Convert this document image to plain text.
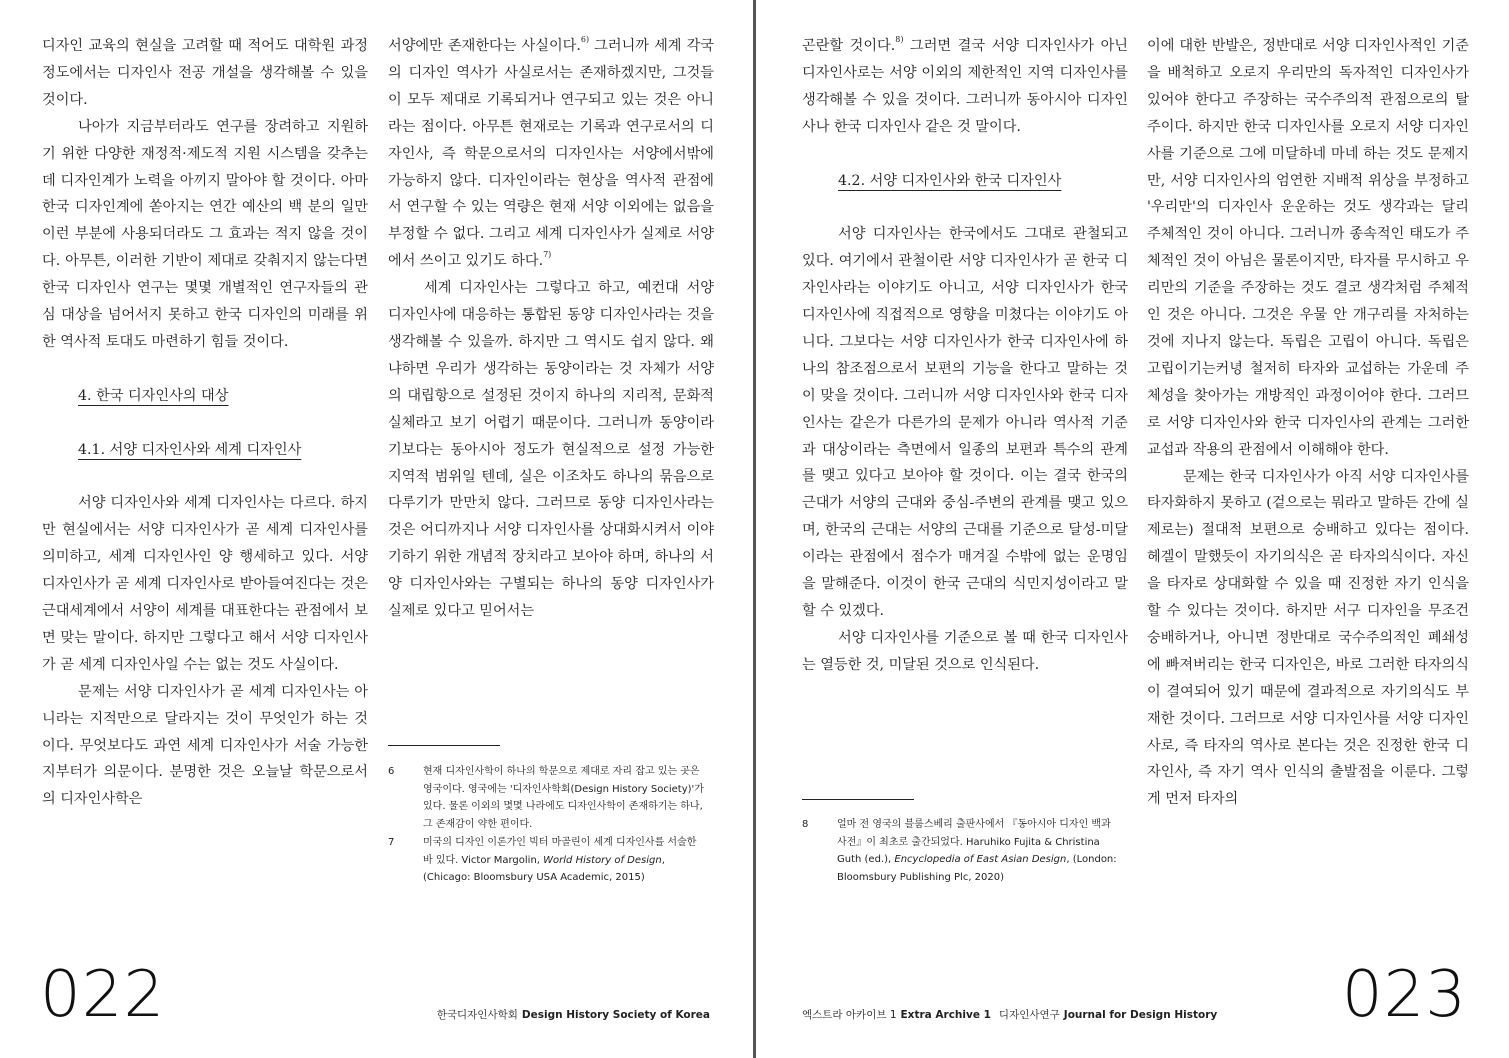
디자인 교육의 현실을 고려할 때 적어도 대학원 과정 정도에서는 디자인사 전공 개설을 생각해볼 수 있을 것이다.

나아가 지금부터라도 연구를 장려하고 지원하기 위한 다양한 재정적·제도적 지원 시스템을 갖추는 데 디자인계가 노력을 아끼지 말아야 할 것이다. 아마 한국 디자인계에 쏟아지는 연간 예산의 백 분의 일만 이런 부분에 사용되더라도 그 효과는 적지 않을 것이다. 아무튼, 이러한 기반이 제대로 갖춰지지 않는다면 한국 디자인사 연구는 몇몇 개별적인 연구자들의 관심 대상을 넘어서지 못하고 한국 디자인의 미래를 위한 역사적 토대도 마련하기 힘들 것이다.

4. 한국 디자인사의 대상
4.1. 서양 디자인사와 세계 디자인사

서양 디자인사와 세계 디자인사는 다르다. 하지만 현실에서는 서양 디자인사가 곧 세계 디자인사를 의미하고, 세계 디자인사인 양 행세하고 있다. 서양 디자인사가 곧 세계 디자인사로 받아들여진다는 것은 근대세계에서 서양이 세계를 대표한다는 관점에서 보면 맞는 말이다. 하지만 그렇다고 해서 서양 디자인사가 곧 세계 디자인사일 수는 없는 것도 사실이다.

문제는 서양 디자인사가 곧 세계 디자인사는 아니라는 지적만으로 달라지는 것이 무엇인가 하는 것이다. 무엇보다도 과연 세계 디자인사가 서술 가능한지부터가 의문이다. 분명한 것은 오늘날 학문으로서의 디자인사학은

서양에만 존재한다는 사실이다.$^{6)}$ 그러니까 세계 각국의 디자인 역사가 사실로서는 존재하겠지만, 그것들이 모두 제대로 기록되거나 연구되고 있는 것은 아니라는 점이다. 아무튼 현재로는 기록과 연구로서의 디자인사, 즉 학문으로서의 디자인사는 서양에서밖에 가능하지 않다. 디자인이라는 현상을 역사적 관점에서 연구할 수 있는 역량은 현재 서양 이외에는 없음을 부정할 수 없다. 그리고 세계 디자인사가 실제로 서양에서 쓰이고 있기도 하다.$^{7)}$

세계 디자인사는 그렇다고 하고, 예컨대 서양 디자인사에 대응하는 통합된 동양 디자인사라는 것을 생각해볼 수 있을까. 하지만 그 역시도 쉽지 않다. 왜냐하면 우리가 생각하는 동양이라는 것 자체가 서양의 대립항으로 설정된 것이지 하나의 지리적, 문화적 실체라고 보기 어렵기 때문이다. 그러니까 동양이라기보다는 동아시아 정도가 현실적으로 설정 가능한 지역적 범위일 텐데, 실은 이조차도 하나의 묶음으로 다루기가 만만치 않다. 그러므로 동양 디자인사라는 것은 어디까지나 서양 디자인사를 상대화시켜서 이야기하기 위한 개념적 장치라고 보아야 하며, 하나의 서양 디자인사와는 구별되는 하나의 동양 디자인사가 실제로 있다고 믿어서는

6	현재 디자인사학이 하나의 학문으로 제대로 자리 잡고 있는 곳은 영국이다. 영국에는 '디자인사학회(Design History Society)'가 있다. 물론 이외의 몇몇 나라에도 디자인사학이 존재하기는 하나, 그 존재감이 약한 편이다.
7	미국의 디자인 이론가인 빅터 마골린이 세계 디자인사를 서술한 바 있다. Victor Margolin, World History of Design, (Chicago: Bloomsbury USA Academic, 2015)
022	한국디자인사학회 Design History Society of Korea

곤란할 것이다.$^{8)}$ 그러면 결국 서양 디자인사가 아닌 디자인사로는 서양 이외의 제한적인 지역 디자인사를 생각해볼 수 있을 것이다. 그러니까 동아시아 디자인사나 한국 디자인사 같은 것 말이다.

4.2. 서양 디자인사와 한국 디자인사

서양 디자인사는 한국에서도 그대로 관철되고 있다. 여기에서 관철이란 서양 디자인사가 곧 한국 디자인사라는 이야기도 아니고, 서양 디자인사가 한국 디자인사에 직접적으로 영향을 미쳤다는 이야기도 아니다. 그보다는 서양 디자인사가 한국 디자인사에 하나의 참조점으로서 보편의 기능을 한다고 말하는 것이 맞을 것이다. 그러니까 서양 디자인사와 한국 디자인사는 같은가 다른가의 문제가 아니라 역사적 기준과 대상이라는 측면에서 일종의 보편과 특수의 관계를 맺고 있다고 보아야 할 것이다. 이는 결국 한국의 근대가 서양의 근대와 중심-주변의 관계를 맺고 있으며, 한국의 근대는 서양의 근대를 기준으로 달성-미달이라는 관점에서 점수가 매겨질 수밖에 없는 운명임을 말해준다. 이것이 한국 근대의 식민지성이라고 말할 수 있겠다.

서양 디자인사를 기준으로 볼 때 한국 디자인사는 열등한 것, 미달된 것으로 인식된다.

이에 대한 반발은, 정반대로 서양 디자인사적인 기준을 배척하고 오로지 우리만의 독자적인 디자인사가 있어야 한다고 주장하는 국수주의적 관점으로의 탈주이다. 하지만 한국 디자인사를 오로지 서양 디자인사를 기준으로 그에 미달하네 마네 하는 것도 문제지만, 서양 디자인사의 엄연한 지배적 위상을 부정하고 '우리만'의 디자인사 운운하는 것도 생각과는 달리 주체적인 것이 아니다. 그러니까 종속적인 태도가 주체적인 것이 아님은 물론이지만, 타자를 무시하고 우리만의 기준을 주장하는 것도 결코 생각처럼 주체적인 것은 아니다. 그것은 우물 안 개구리를 자처하는 것에 지나지 않는다. 독립은 고립이 아니다. 독립은 고립이기는커녕 철저히 타자와 교섭하는 가운데 주체성을 찾아가는 개방적인 과정이어야 한다. 그러므로 서양 디자인사와 한국 디자인사의 관계는 그러한 교섭과 작용의 관점에서 이해해야 한다.

문제는 한국 디자인사가 아직 서양 디자인사를 타자화하지 못하고 (겉으로는 뭐라고 말하든 간에 실제로는) 절대적 보편으로 숭배하고 있다는 점이다. 헤겔이 말했듯이 자기의식은 곧 타자의식이다. 자신을 타자로 상대화할 수 있을 때 진정한 자기 인식을 할 수 있다는 것이다. 하지만 서구 디자인을 무조건 숭배하거나, 아니면 정반대로 국수주의적인 폐쇄성에 빠져버리는 한국 디자인은, 바로 그러한 타자의식이 결여되어 있기 때문에 결과적으로 자기의식도 부재한 것이다. 그러므로 서양 디자인사를 서양 디자인사로, 즉 타자의 역사로 본다는 것은 진정한 한국 디자인사, 즉 자기 역사 인식의 출발점을 이룬다. 그렇게 먼저 타자의

8	얼마 전 영국의 블룸스베리 출판사에서 『동아시아 디자인 백과사전』이 최초로 출간되었다. Haruhiko Fujita & Christina Guth (ed.), Encyclopedia of East Asian Design, (London: Bloomsbury Publishing Plc, 2020)
023
엑스트라 아카이브 1 Extra Archive 1 디자인사연구 Journal for Design History
